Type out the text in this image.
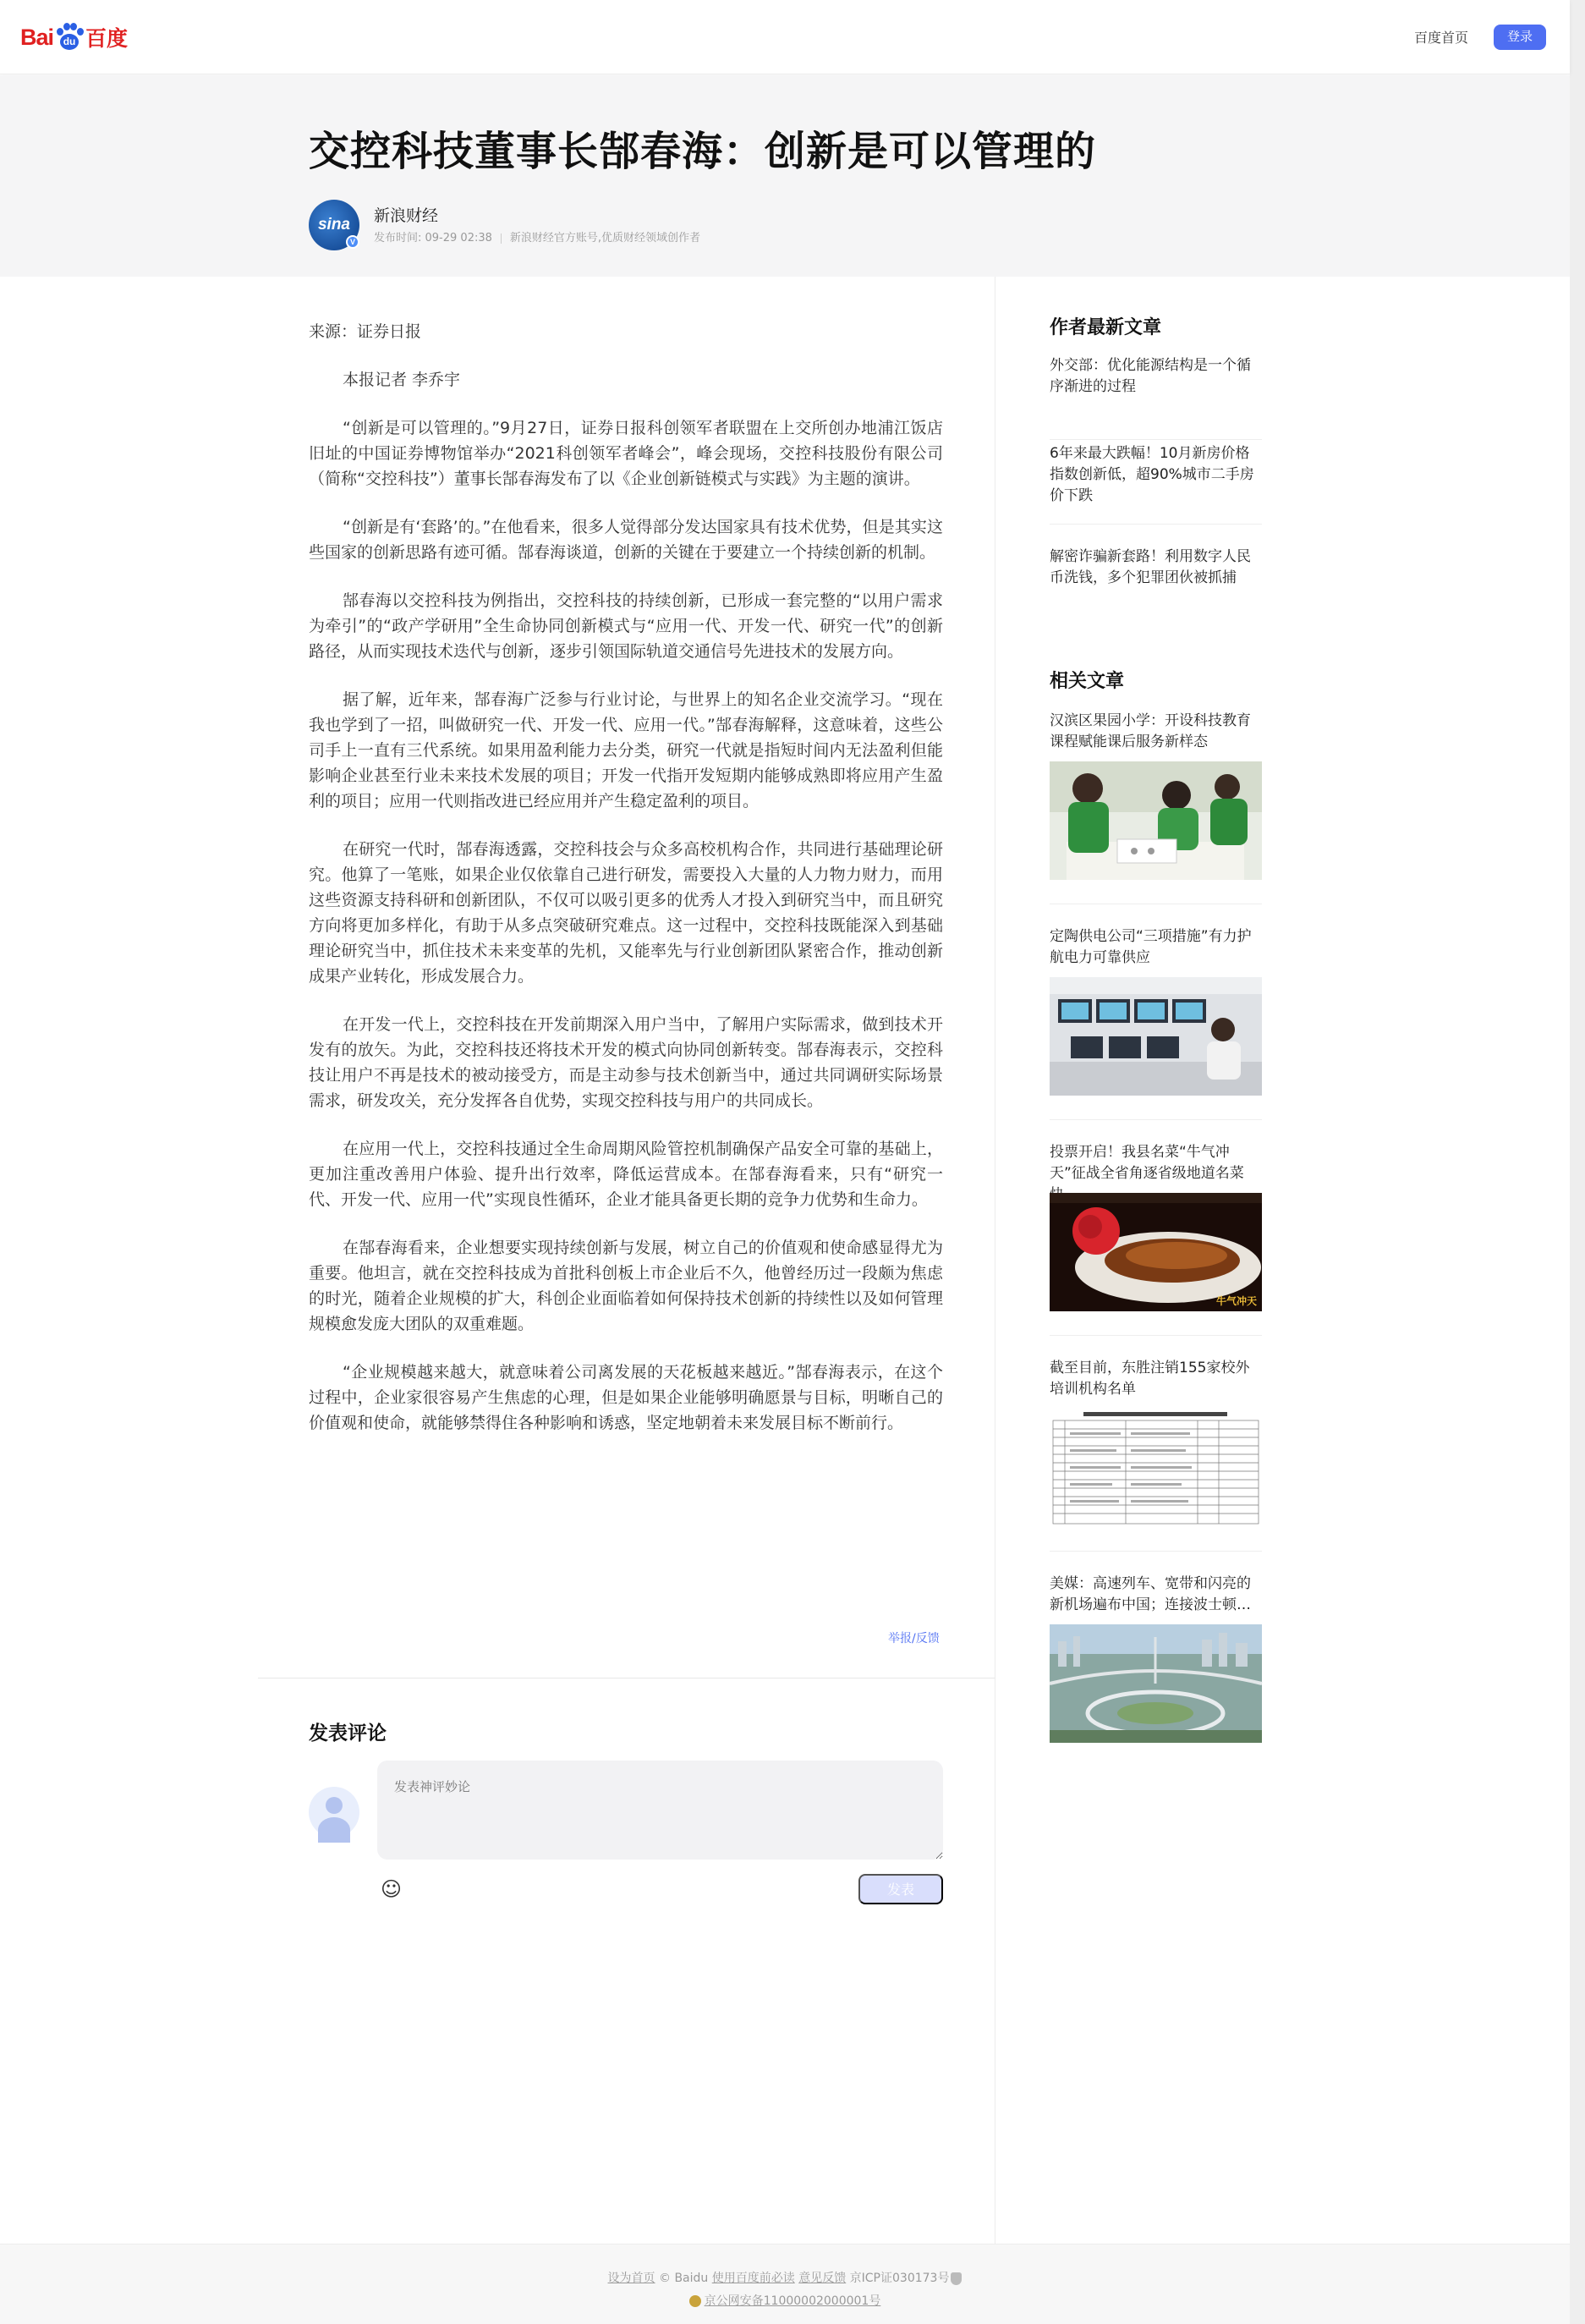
Bai du 百度	百度首页	登录
交控科技董事长郜春海：创新是可以管理的
sina
V
新浪财经
发布时间: 09-29 02:38 新浪财经官方账号,优质财经领域创作者
来源：证券日报

本报记者 李乔宇

“创新是可以管理的。”9月27日，证券日报科创领军者联盟在上交所创办地浦江饭店旧址的中国证券博物馆举办“2021科创领军者峰会”，峰会现场，交控科技股份有限公司（简称“交控科技”）董事长郜春海发布了以《企业创新链模式与实践》为主题的演讲。

“创新是有‘套路’的。”在他看来，很多人觉得部分发达国家具有技术优势，但是其实这些国家的创新思路有迹可循。郜春海谈道，创新的关键在于要建立一个持续创新的机制。

郜春海以交控科技为例指出，交控科技的持续创新，已形成一套完整的“以用户需求为牵引”的“政产学研用”全生命协同创新模式与“应用一代、开发一代、研究一代”的创新路径，从而实现技术迭代与创新，逐步引领国际轨道交通信号先进技术的发展方向。

据了解，近年来，郜春海广泛参与行业讨论，与世界上的知名企业交流学习。“现在我也学到了一招，叫做研究一代、开发一代、应用一代。”郜春海解释，这意味着，这些公司手上一直有三代系统。如果用盈利能力去分类，研究一代就是指短时间内无法盈利但能影响企业甚至行业未来技术发展的项目；开发一代指开发短期内能够成熟即将应用产生盈利的项目；应用一代则指改进已经应用并产生稳定盈利的项目。

在研究一代时，郜春海透露，交控科技会与众多高校机构合作，共同进行基础理论研究。他算了一笔账，如果企业仅依靠自己进行研发，需要投入大量的人力物力财力，而用这些资源支持科研和创新团队，不仅可以吸引更多的优秀人才投入到研究当中，而且研究方向将更加多样化，有助于从多点突破研究难点。这一过程中，交控科技既能深入到基础理论研究当中，抓住技术未来变革的先机，又能率先与行业创新团队紧密合作，推动创新成果产业转化，形成发展合力。

在开发一代上，交控科技在开发前期深入用户当中，了解用户实际需求，做到技术开发有的放矢。为此，交控科技还将技术开发的模式向协同创新转变。郜春海表示，交控科技让用户不再是技术的被动接受方，而是主动参与技术创新当中，通过共同调研实际场景需求，研发攻关，充分发挥各自优势，实现交控科技与用户的共同成长。

在应用一代上，交控科技通过全生命周期风险管控机制确保产品安全可靠的基础上，更加注重改善用户体验、提升出行效率，降低运营成本。在郜春海看来，只有“研究一代、开发一代、应用一代”实现良性循环，企业才能具备更长期的竞争力优势和生命力。

在郜春海看来，企业想要实现持续创新与发展，树立自己的价值观和使命感显得尤为重要。他坦言，就在交控科技成为首批科创板上市企业后不久，他曾经历过一段颇为焦虑的时光，随着企业规模的扩大，科创企业面临着如何保持技术创新的持续性以及如何管理规模愈发庞大团队的双重难题。

“企业规模越来越大，就意味着公司离发展的天花板越来越近。”郜春海表示，在这个过程中，企业家很容易产生焦虑的心理，但是如果企业能够明确愿景与目标，明晰自己的价值观和使命，就能够禁得住各种影响和诱惑，坚定地朝着未来发展目标不断前行。

举报/反馈
发表评论
发表神评妙论
☺	发表
作者最新文章
外交部：优化能源结构是一个循序渐进的过程
6年来最大跌幅！10月新房价格指数创新低，超90%城市二手房价下跌
解密诈骗新套路！利用数字人民币洗钱，多个犯罪团伙被抓捕
相关文章
汉滨区果园小学：开设科技教育课程赋能课后服务新样态
定陶供电公司“三项措施”有力护航电力可靠供应
投票开启！我县名菜“牛气冲天”征战全省角逐省级地道名菜
牛气冲天
截至目前，东胜注销155家校外培训机构名单
美媒：高速列车、宽带和闪亮的新机场遍布中国；连接波士顿…
设为首页 © Baidu 使用百度前必读 意见反馈 京ICP证030173号
京公网安备11000002000001号
